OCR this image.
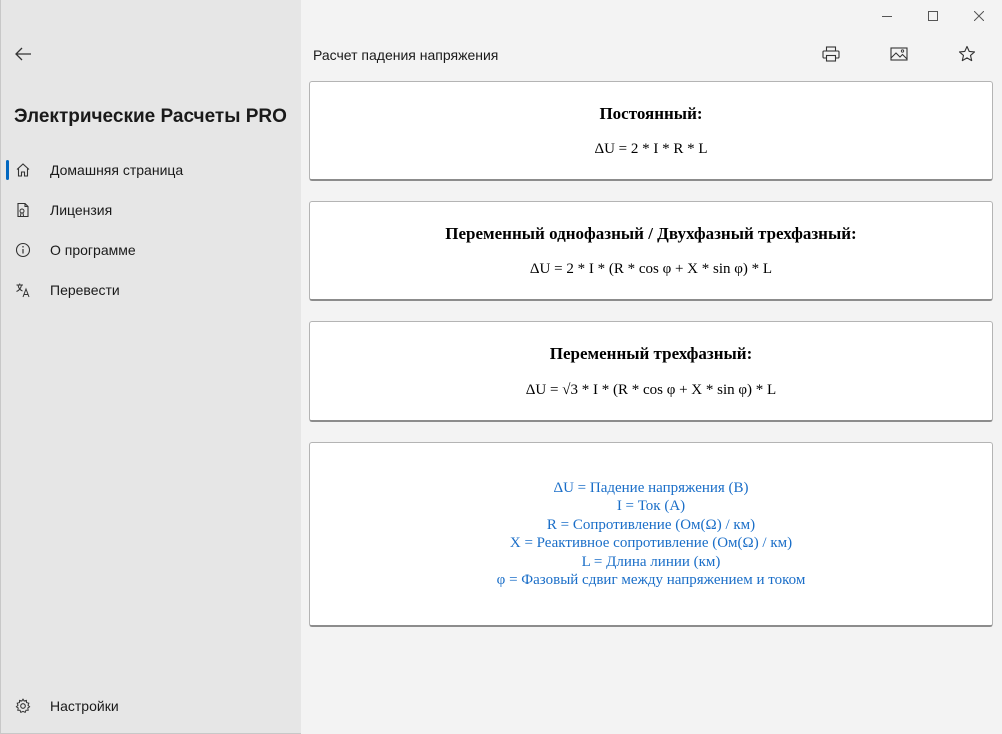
Электрические Расчеты PRO
Домашняя страница
Лицензия
О программе
Перевести
Настройки
Расчет падения напряжения
Постоянный:
ΔU = 2 * I * R * L
Переменный однофазный / Двухфазный трехфазный:
ΔU = 2 * I * (R * cos φ + X * sin φ) * L
Переменный трехфазный:
ΔU = √3 * I * (R * cos φ + X * sin φ) * L
ΔU = Падение напряжения (В)
I = Ток (А)
R = Сопротивление (Ом(Ω) / км)
X = Реактивное сопротивление (Ом(Ω) / км)
L = Длина линии (км)
φ = Фазовый сдвиг между напряжением и током
